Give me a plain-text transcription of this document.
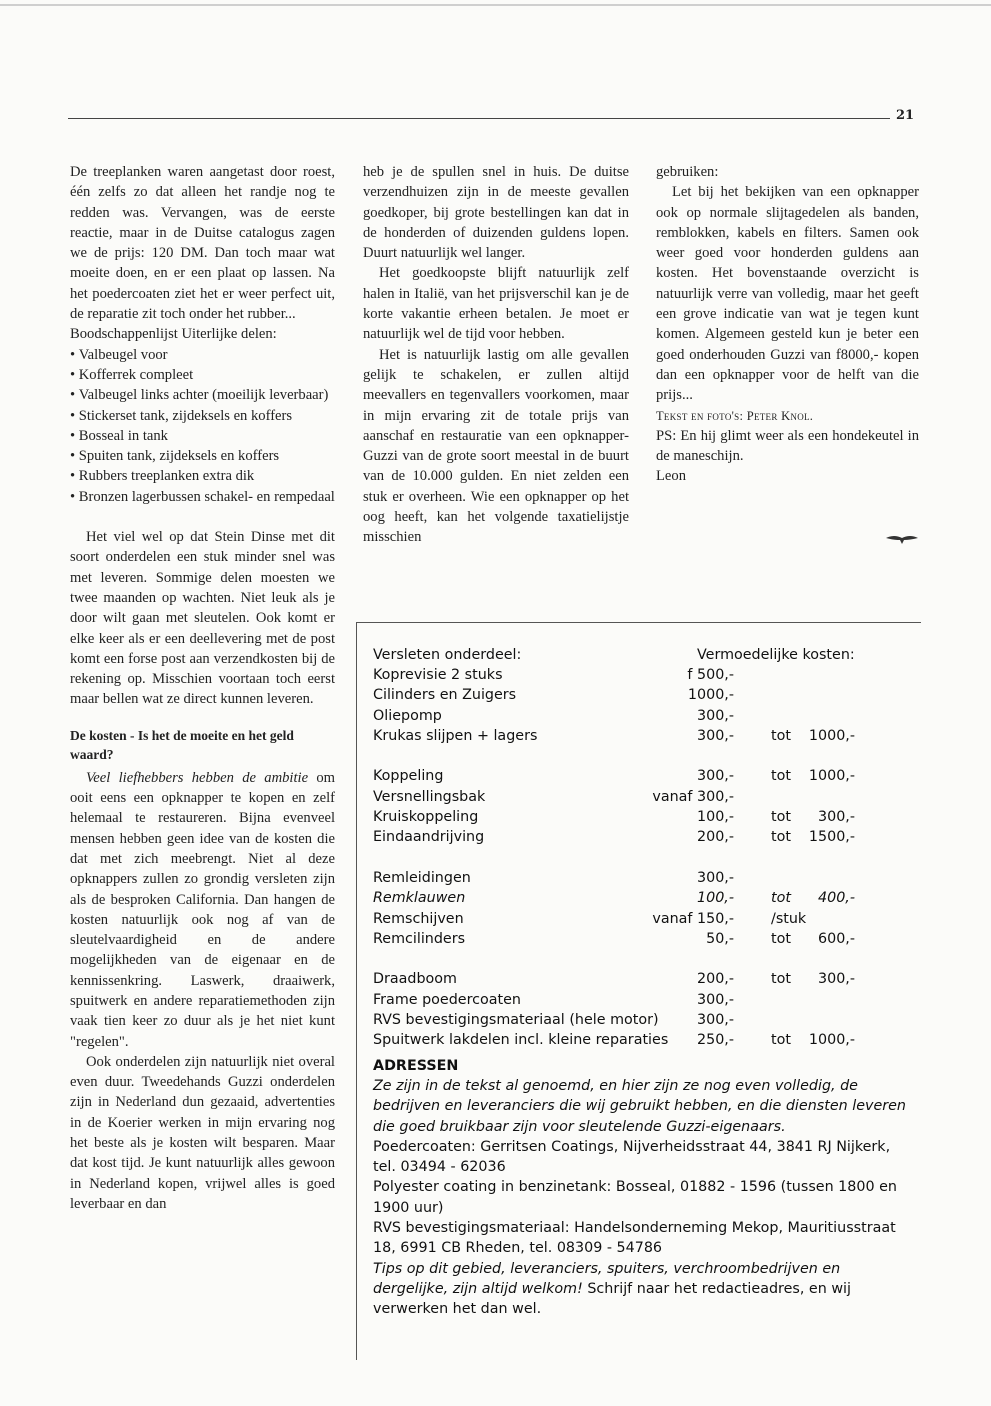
21

De treeplanken waren aangetast door roest, één zelfs zo dat alleen het randje nog te redden was. Vervangen, was de eerste reactie, maar in de Duitse catalogus zagen we de prijs: 120 DM. Dan toch maar wat moeite doen, en er een plaat op lassen. Na het poedercoaten ziet het er weer perfect uit, de reparatie zit toch onder het rubber...

Boodschappenlijst Uiterlijke delen:

• Valbeugel voor
• Kofferrek compleet
• Valbeugel links achter (moeilijk leverbaar)
• Stickerset tank, zijdeksels en koffers
• Bosseal in tank
• Spuiten tank, zijdeksels en koffers
• Rubbers treeplanken extra dik
• Bronzen lagerbussen schakel- en rempedaal

Het viel wel op dat Stein Dinse met dit soort onderdelen een stuk minder snel was met leveren. Sommige delen moesten we twee maanden op wachten. Niet leuk als je door wilt gaan met sleutelen. Ook komt er elke keer als er een deellevering met de post komt een forse post aan verzendkosten bij de rekening op. Misschien voortaan toch eerst maar bellen wat ze direct kunnen leveren.

De kosten - Is het de moeite en het geld waard?

Veel liefhebbers hebben de ambitie om ooit eens een opknapper te kopen en zelf helemaal te restaureren. Bijna evenveel mensen hebben geen idee van de kosten die dat met zich meebrengt. Niet al deze opknappers zullen zo grondig versleten zijn als de besproken California. Dan hangen de kosten natuurlijk ook nog af van de sleutelvaardigheid en de andere mogelijkheden van de eigenaar en de kennissenkring. Laswerk, draaiwerk, spuitwerk en andere reparatiemethoden zijn vaak tien keer zo duur als je het niet kunt "regelen".

Ook onderdelen zijn natuurlijk niet overal even duur. Tweedehands Guzzi onderdelen zijn in Nederland dun gezaaid, advertenties in de Koerier werken in mijn ervaring nog het beste als je kosten wilt besparen. Maar dat kost tijd. Je kunt natuurlijk alles gewoon in Nederland kopen, vrijwel alles is goed leverbaar en dan

heb je de spullen snel in huis. De duitse verzendhuizen zijn in de meeste gevallen goedkoper, bij grote bestellingen kan dat in de honderden of duizenden guldens lopen. Duurt natuurlijk wel langer.

Het goedkoopste blijft natuurlijk zelf halen in Italië, van het prijsverschil kan je de korte vakantie erheen betalen. Je moet er natuurlijk wel de tijd voor hebben.

Het is natuurlijk lastig om alle gevallen gelijk te schakelen, er zullen altijd meevallers en tegenvallers voorkomen, maar in mijn ervaring zit de totale prijs van aanschaf en restauratie van een opknapper-Guzzi van de grote soort meestal in de buurt van de 10.000 gulden. En niet zelden een stuk er overheen. Wie een opknapper op het oog heeft, kan het volgende taxatielijstje misschien

gebruiken:

Let bij het bekijken van een opknapper ook op normale slijtagedelen als banden, remblokken, kabels en filters. Samen ook weer goed voor honderden guldens aan kosten. Het bovenstaande overzicht is natuurlijk verre van volledig, maar het geeft een grove indicatie van wat je tegen kunt komen. Algemeen gesteld kun je beter een goed onderhouden Guzzi van f8000,- kopen dan een opknapper voor de helft van die prijs...

Tekst en foto's: Peter Knol.

PS: En hij glimt weer als een hondekeutel in de maneschijn.

Leon

Versleten onderdeel:	Vermoedelijke kosten:
Koprevisie 2 stuks	f 500,-
Cilinders en Zuigers	1000,-
Oliepomp	300,-
Krukas slijpen + lagers	300,-	tot 1000,-
Koppeling	300,-	tot 1000,-
Versnellingsbak	vanaf 300,-
Kruiskoppeling	100,-	tot	300,-
Eindaandrijving	200,-	tot 1500,-
Remleidingen	300,-
Remklauwen	100,-	tot	400,-
Remschijven	vanaf 150,-	/stuk
Remcilinders	50,-	tot	600,-
Draadboom	200,-	tot	300,-
Frame poedercoaten	300,-
RVS bevestigingsmateriaal (hele motor)	300,-
Spuitwerk lakdelen incl. kleine reparaties	250,-	tot 1000,-
ADRESSEN

Ze zijn in de tekst al genoemd, en hier zijn ze nog even volledig, de bedrijven en leveranciers die wij gebruikt hebben, en die diensten leveren die goed bruikbaar zijn voor sleutelende Guzzi-eigenaars.

Poedercoaten: Gerritsen Coatings, Nijverheidsstraat 44, 3841 RJ Nijkerk, tel. 03494 - 62036

Polyester coating in benzinetank: Bosseal, 01882 - 1596 (tussen 1800 en 1900 uur)

RVS bevestigingsmateriaal: Handelsonderneming Mekop, Mauritiusstraat 18, 6991 CB Rheden, tel. 08309 - 54786

Tips op dit gebied, leveranciers, spuiters, verchroombedrijven en dergelijke, zijn altijd welkom! Schrijf naar het redactieadres, en wij verwerken het dan wel.
